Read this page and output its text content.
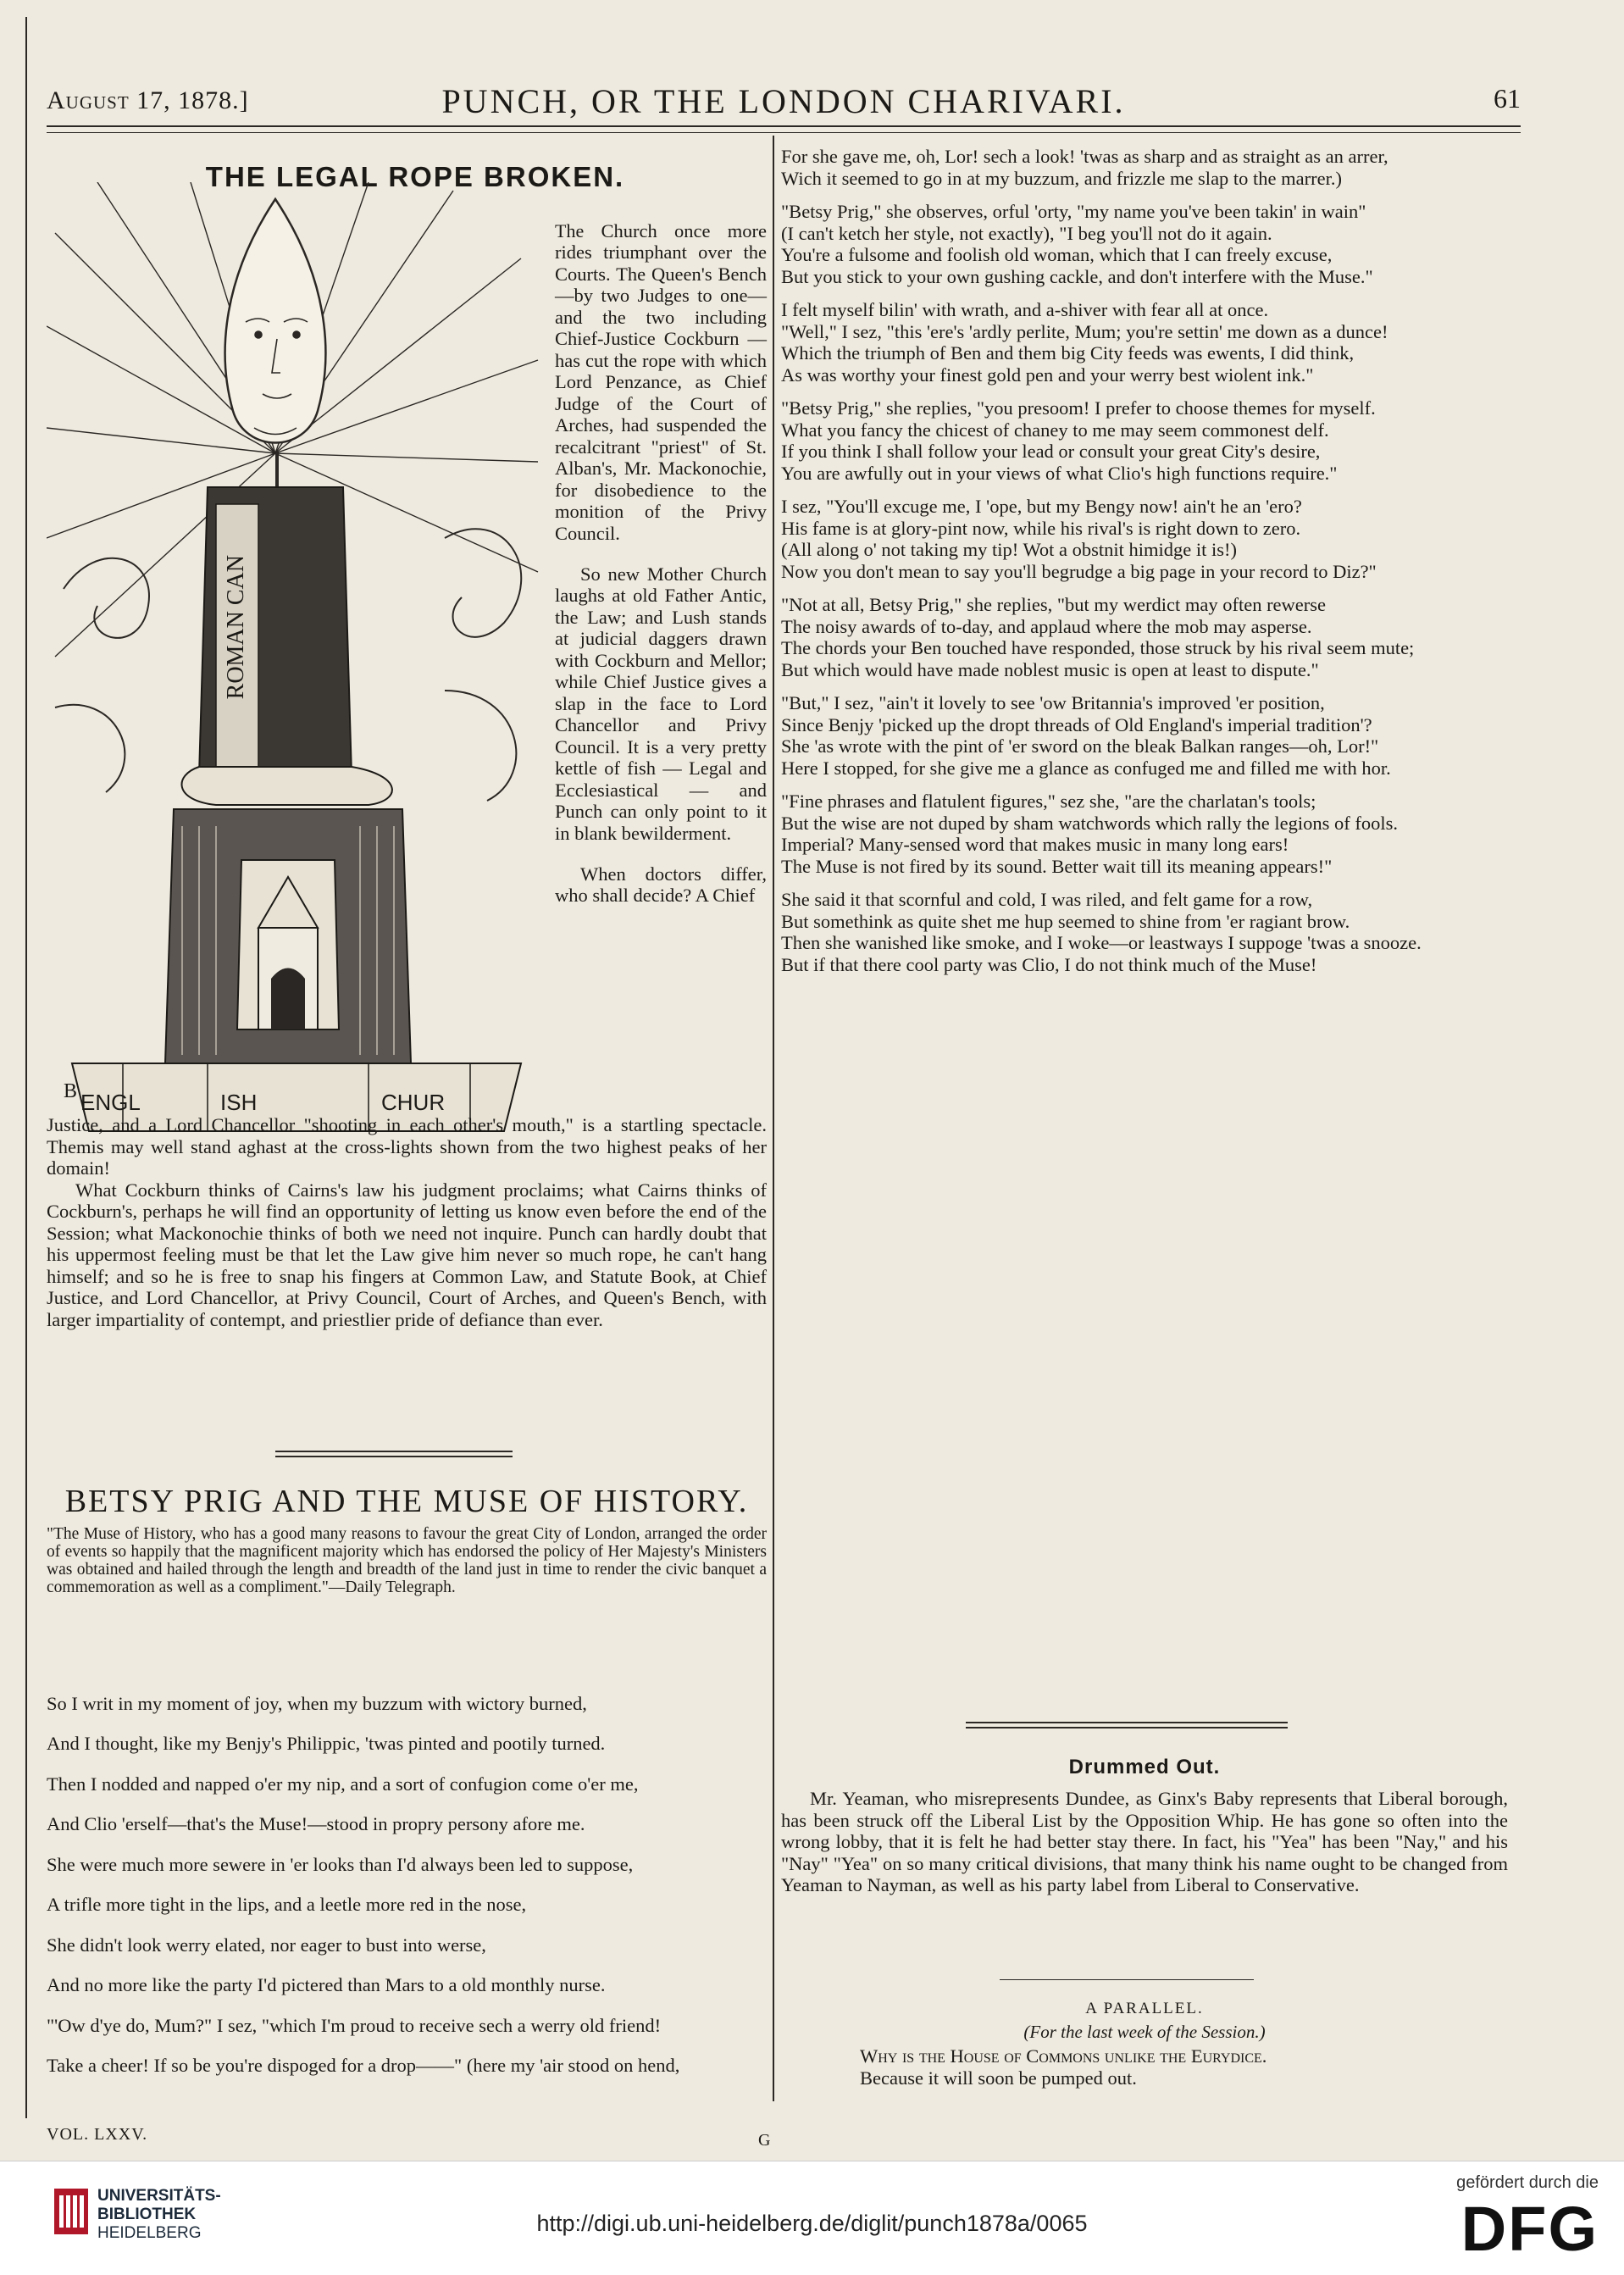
August 17, 1878.]	PUNCH, OR THE LONDON CHARIVARI.	61
THE LEGAL ROPE BROKEN.
ROMAN CAN
ENGL	ISH	CHUR
B

The Church once more rides triumphant over the Courts. The Queen's Bench —by two Judges to one—and the two including Chief-Justice Cockburn —has cut the rope with which Lord Penzance, as Chief Judge of the Court of Arches, had suspended the recalcitrant "priest" of St. Alban's, Mr. Mackonochie, for disobedience to the monition of the Privy Council.

So new Mother Church laughs at old Father Antic, the Law; and Lush stands at judicial daggers drawn with Cockburn and Mellor; while Chief Justice gives a slap in the face to Lord Chancellor and Privy Council. It is a very pretty kettle of fish — Legal and Ecclesiastical — and Punch can only point to it in blank bewilderment.

When doctors differ, who shall decide? A Chief

Justice, and a Lord Chancellor "shooting in each other's mouth," is a startling spectacle. Themis may well stand aghast at the cross-lights shown from the two highest peaks of her domain!

What Cockburn thinks of Cairns's law his judgment proclaims; what Cairns thinks of Cockburn's, perhaps he will find an opportunity of letting us know even before the end of the Session; what Mackonochie thinks of both we need not inquire. Punch can hardly doubt that his uppermost feeling must be that let the Law give him never so much rope, he can't hang himself; and so he is free to snap his fingers at Common Law, and Statute Book, at Chief Justice, and Lord Chancellor, at Privy Council, Court of Arches, and Queen's Bench, with larger impartiality of contempt, and priestlier pride of defiance than ever.

BETSY PRIG AND THE MUSE OF HISTORY.
"The Muse of History, who has a good many reasons to favour the great City of London, arranged the order of events so happily that the magnificent majority which has endorsed the policy of Her Majesty's Ministers was obtained and hailed through the length and breadth of the land just in time to render the civic banquet a commemoration as well as a compliment."—Daily Telegraph.

So I writ in my moment of joy, when my buzzum with wictory burned,

And I thought, like my Benjy's Philippic, 'twas pinted and pootily turned.

Then I nodded and napped o'er my nip, and a sort of confugion come o'er me,

And Clio 'erself—that's the Muse!—stood in propry persony afore me.

She were much more sewere in 'er looks than I'd always been led to suppose,

A trifle more tight in the lips, and a leetle more red in the nose,

She didn't look werry elated, nor eager to bust into werse,

And no more like the party I'd pictered than Mars to a old monthly nurse.

"'Ow d'ye do, Mum?" I sez, "which I'm proud to receive sech a werry old friend!

Take a cheer! If so be you're dispoged for a drop——" (here my 'air stood on hend,

For she gave me, oh, Lor! sech a look! 'twas as sharp and as straight as an arrer,

Wich it seemed to go in at my buzzum, and frizzle me slap to the marrer.)

"Betsy Prig," she observes, orful 'orty, "my name you've been takin' in wain"

(I can't ketch her style, not exactly), "I beg you'll not do it again.

You're a fulsome and foolish old woman, which that I can freely excuse,

But you stick to your own gushing cackle, and don't interfere with the Muse."

I felt myself bilin' with wrath, and a-shiver with fear all at once.

"Well," I sez, "this 'ere's 'ardly perlite, Mum; you're settin' me down as a dunce!

Which the triumph of Ben and them big City feeds was ewents, I did think,

As was worthy your finest gold pen and your werry best wiolent ink."

"Betsy Prig," she replies, "you presoom! I prefer to choose themes for myself.

What you fancy the chicest of chaney to me may seem commonest delf.

If you think I shall follow your lead or consult your great City's desire,

You are awfully out in your views of what Clio's high functions require."

I sez, "You'll excuge me, I 'ope, but my Bengy now! ain't he an 'ero?

His fame is at glory-pint now, while his rival's is right down to zero.

(All along o' not taking my tip! Wot a obstnit himidge it is!)

Now you don't mean to say you'll begrudge a big page in your record to Diz?"

"Not at all, Betsy Prig," she replies, "but my werdict may often rewerse

The noisy awards of to-day, and applaud where the mob may asperse.

The chords your Ben touched have responded, those struck by his rival seem mute;

But which would have made noblest music is open at least to dispute."

"But," I sez, "ain't it lovely to see 'ow Britannia's improved 'er position,

Since Benjy 'picked up the dropt threads of Old England's imperial tradition'?

She 'as wrote with the pint of 'er sword on the bleak Balkan ranges—oh, Lor!"

Here I stopped, for she give me a glance as confuged me and filled me with hor.

"Fine phrases and flatulent figures," sez she, "are the charlatan's tools;

But the wise are not duped by sham watchwords which rally the legions of fools.

Imperial? Many-sensed word that makes music in many long ears!

The Muse is not fired by its sound. Better wait till its meaning appears!"

She said it that scornful and cold, I was riled, and felt game for a row,

But somethink as quite shet me hup seemed to shine from 'er ragiant brow.

Then she wanished like smoke, and I woke—or leastways I suppoge 'twas a snooze.

But if that there cool party was Clio, I do not think much of the Muse!

Drummed Out.
Mr. Yeaman, who misrepresents Dundee, as Ginx's Baby represents that Liberal borough, has been struck off the Liberal List by the Opposition Whip. He has gone so often into the wrong lobby, that it is felt he had better stay there. In fact, his "Yea" has been "Nay," and his "Nay" "Yea" on so many critical divisions, that many think his name ought to be changed from Yeaman to Nayman, as well as his party label from Liberal to Conservative.
A PARALLEL.
(For the last week of the Session.)
Why is the House of Commons unlike the Eurydice.
Because it will soon be pumped out.
VOL. LXXV.	G
UNIVERSITÄTS-
BIBLIOTHEK
HEIDELBERG	http://digi.ub.uni-heidelberg.de/diglit/punch1878a/0065
gefördert durch die
DFG
